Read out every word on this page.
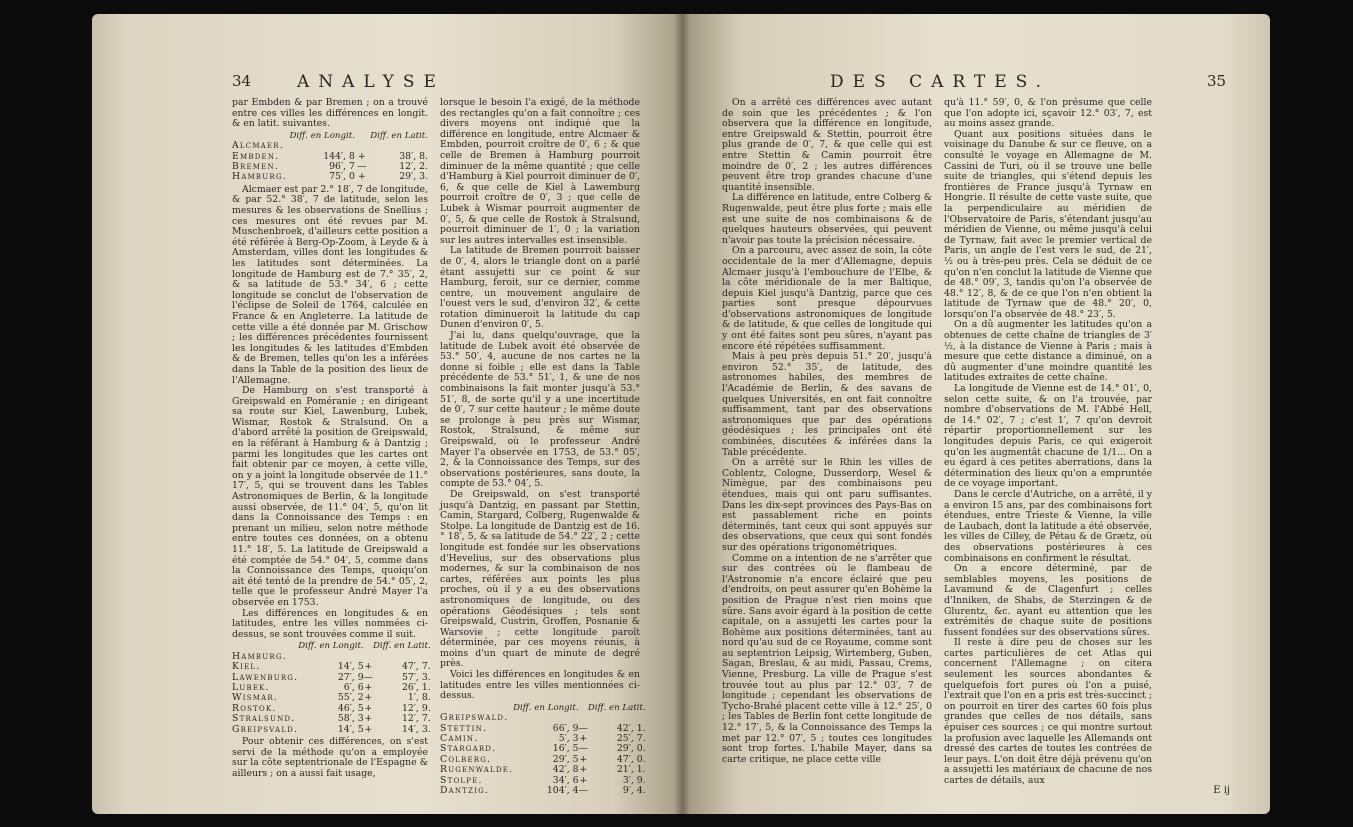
34	ANALYSE

par Embden & par Bremen ; on a trouvé entre ces villes les différences en longit. & en latit. suivantes.

	Diff. en Longit.		Diff. en Latit.
Alcmaer.			
Embden.	144′, 8	+	38′, 8.
Bremen.	96′, 7	—	12′, 2.
Hamburg.	75′, 0	+	29′, 3.

Alcmaer est par 2.° 18′, 7 de longitude, & par 52.° 38′, 7 de latitude, selon les mesures & les observations de Snellius ; ces mesures ont été revues par M. Muschenbroek, d'ailleurs cette position a été référée à Berg-Op-Zoom, à Leyde & à Amsterdam, villes dont les longitudes & les latitudes sont déterminées. La longitude de Hamburg est de 7.° 35′, 2, & sa latitude de 53.° 34′, 6 ; cette longitude se conclut de l'observation de l'éclipse de Soleil de 1764, calculée en France & en Angleterre. La latitude de cette ville a été donnée par M. Grischow ; les différences précédentes fournissent les longitudes & les latitudes d'Embden & de Bremen, telles qu'on les a inférées dans la Table de la position des lieux de l'Allemagne.

De Hamburg on s'est transporté à Greipswald en Poméranie ; en dirigeant sa route sur Kiel, Lawenburg, Lubek, Wismar, Rostok & Stralsund. On a d'abord arrêté la position de Greipswald, en la référant à Hamburg & à Dantzig ; parmi les longitudes que les cartes ont fait obtenir par ce moyen, à cette ville, on y a joint la longitude observée de 11.° 17′, 5, qui se trouvent dans les Tables Astronomiques de Berlin, & la longitude aussi observée, de 11.° 04′, 5, qu'on lit dans la Connoissance des Temps : en prenant un milieu, selon notre méthode entre toutes ces données, on a obtenu 11.° 18′, 5. La latitude de Greipswald a été comptée de 54.° 04′, 5, comme dans la Connoissance des Temps, quoiqu'on ait été tenté de la prendre de 54.° 05′, 2, telle que le professeur André Mayer l'a observée en 1753.

Les différences en longitudes & en latitudes, entre les villes nommées ci-dessus, se sont trouvées comme il suit.

	Diff. en Longit.		Diff. en Latit.
Hamburg.			
Kiel.	14′, 5	+	47′, 7.
Lawenburg.	27′, 9	—	57′, 3.
Lubek.	6′, 6	+	26′, 1.
Wismar.	55′, 2	+	1′, 8.
Rostok.	46′, 5	+	12′, 9.
Stralsund.	58′, 3	+	12′, 7.
Greipsvald.	14′, 5	+	14′, 3.

Pour obtenir ces différences, on s'est servi de la méthode qu'on a employée sur la côte septentrionale de l'Espagne & ailleurs ; on a aussi fait usage,

lorsque le besoin l'a exigé, de la méthode des rectangles qu'on a fait connoître ; ces divers moyens ont indiqué que la différence en longitude, entre Alcmaer & Embden, pourroit croître de 0′, 6 ; & que celle de Bremen à Hamburg pourroit diminuer de la même quantité ; que celle d'Hamburg à Kiel pourroit diminuer de 0′, 6, & que celle de Kiel à Lawemburg pourroit croître de 0′, 3 ; que celle de Lubek à Wismar pourroit augmenter de 0′, 5, & que celle de Rostok à Stralsund, pourroit diminuer de 1′, 0 ; la variation sur les autres intervalles est insensible.

La latitude de Bremen pourroit baisser de 0′, 4, alors le triangle dont on a parlé étant assujetti sur ce point & sur Hamburg, feroit, sur ce dernier, comme centre, un mouvement angulaire de l'ouest vers le sud, d'environ 32′, & cette rotation diminueroit la latitude du cap Dunen d'environ 0′, 5.

J'ai lu, dans quelqu'ouvrage, que la latitude de Lubek avoit été observée de 53.° 50′, 4, aucune de nos cartes ne la donne si foible ; elle est dans la Table précédente de 53.° 51′, 1, & une de nos combinaisons la fait monter jusqu'à 53.° 51′, 8, de sorte qu'il y a une incertitude de 0′, 7 sur cette hauteur ; le même doute se prolonge à peu près sur Wismar, Rostok, Stralsund, & même sur Greipswald, où le professeur André Mayer l'a observée en 1753, de 53.° 05′, 2, & la Connoissance des Temps, sur des observations postérieures, sans doute, la compte de 53.° 04′, 5.

De Greipswald, on s'est transporté jusqu'à Dantzig, en passant par Stettin, Camin, Stargard, Colberg, Rugenwalde & Stolpe. La longitude de Dantzig est de 16.° 18′, 5, & sa latitude de 54.° 22′, 2 ; cette longitude est fondée sur les observations d'Hevelius, sur des observations plus modernes, & sur la combinaison de nos cartes, référées aux points les plus proches, où il y a eu des observations astronomiques de longitude, ou des opérations Géodésiques ; tels sont Greipswald, Custrin, Groffen, Posnanie & Warsovie ; cette longitude paroît déterminée, par ces moyens réunis, à moins d'un quart de minute de degré près.

Voici les différences en longitudes & en latitudes entre les villes mentionnées ci-dessus.

	Diff. en Longit.		Diff. en Latit.
Greipswald.			
Stettin.	66′, 9	—	42′, 1.
Camin.	5′, 3	+	25′, 7.
Stargard.	16′, 5	—	29′, 0.
Colberg.	29′, 5	+	47′, 0.
Rugenwalde.	42′, 8	+	21′, 1.
Stolpe.	34′, 6	+	3′, 9.
Dantzig.	104′, 4	—	9′, 4.
DES CARTES.	35

On a arrêté ces différences avec autant de soin que les précédentes ; & l'on observera que la différence en longitude, entre Greipswald & Stettin, pourroit être plus grande de 0′, 7, & que celle qui est entre Stettin & Camin pourroit être moindre de 0′, 2 ; les autres différences peuvent être trop grandes chacune d'une quantité insensible.

La différence en latitude, entre Colberg & Rugenwalde, peut être plus forte ; mais elle est une suite de nos combinaisons & de quelques hauteurs observées, qui peuvent n'avoir pas toute la précision nécessaire.

On a parcouru, avec assez de soin, la côte occidentale de la mer d'Allemagne, depuis Alcmaer jusqu'à l'embouchure de l'Elbe, & la côte méridionale de la mer Baltique, depuis Kiel jusqu'à Dantzig, parce que ces parties sont presque dépourvues d'observations astronomiques de longitude & de latitude, & que celles de longitude qui y ont été faites sont peu sûres, n'ayant pas encore été répétées suffisamment.

Mais à peu près depuis 51.° 20′, jusqu'à environ 52.° 35′, de latitude, des astronomes habiles, des membres de l'Académie de Berlin, & des savans de quelques Universités, en ont fait connoître suffisamment, tant par des observations astronomiques que par des opérations géodésiques ; les principales ont été combinées, discutées & inférées dans la Table précédente.

On a arrêté sur le Rhin les villes de Coblentz, Cologne, Dusserdorp, Wesel & Nimègue, par des combinaisons peu étendues, mais qui ont paru suffisantes. Dans les dix-sept provinces des Pays-Bas on est passablement riche en points déterminés, tant ceux qui sont appuyés sur des observations, que ceux qui sont fondés sur des opérations trigonométriques.

Comme on a intention de ne s'arrêter que sur des contrées où le flambeau de l'Astronomie n'a encore éclairé que peu d'endroits, on peut assurer qu'en Bohème la position de Prague n'est rien moins que sûre. Sans avoir égard à la position de cette capitale, on a assujetti les cartes pour la Bohème aux positions déterminées, tant au nord qu'au sud de ce Royaume, comme sont au septentrion Leipsig, Wirtemberg, Guben, Sagan, Breslau, & au midi, Passau, Crems, Vienne, Presburg. La ville de Prague s'est trouvée tout au plus par 12.° 03′, 7 de longitude ; cependant les observations de Tycho-Brahé placent cette ville à 12.° 25′, 0 ; les Tables de Berlin font cette longitude de 12.° 17′, 5, & la Connoissance des Temps la met par 12.° 07′, 5 ; toutes ces longitudes sont trop fortes. L'habile Mayer, dans sa carte critique, ne place cette ville

qu'à 11.° 59′, 0, & l'on présume que celle que l'on adopte ici, sçavoir 12.° 03′, 7, est au moins assez grande.

Quant aux positions situées dans le voisinage du Danube & sur ce fleuve, on a consulté le voyage en Allemagne de M. Cassini de Turi, où il se trouve une belle suite de triangles, qui s'étend depuis les frontières de France jusqu'à Tyrnaw en Hongrie. Il résulte de cette vaste suite, que la perpendiculaire au méridien de l'Observatoire de Paris, s'étendant jusqu'au méridien de Vienne, ou même jusqu'à celui de Tyrnaw, fait avec le premier vertical de Paris, un angle de l'est vers le sud, de 21′, ½ ou à très-peu près. Cela se déduit de ce qu'on n'en conclut la latitude de Vienne que de 48.° 09′, 3, tandis qu'on l'a observée de 48.° 12′, 8, & de ce que l'on n'en obtient la latitude de Tyrnaw que de 48.° 20′, 0, lorsqu'on l'a observée de 48.° 23′, 5.

On a dû augmenter les latitudes qu'on a obtenues de cette chaîne de triangles de 3′ ½, à la distance de Vienne à Paris ; mais à mesure que cette distance a diminué, on a dû augmenter d'une moindre quantité les latitudes extraites de cette chaîne.

La longitude de Vienne est de 14.° 01′, 0, selon cette suite, & on l'a trouvée, par nombre d'observations de M. l'Abbé Hell, de 14.° 02′, 7 ; c'est 1′, 7 qu'on devroit répartir proportionnellement sur les longitudes depuis Paris, ce qui exigeroit qu'on les augmentât chacune de 1/1... On a eu égard à ces petites aberrations, dans la détermination des lieux qu'on a empruntée de ce voyage important.

Dans le cercle d'Autriche, on a arrêté, il y a environ 15 ans, par des combinaisons fort étendues, entre Trieste & Vienne, la ville de Laubach, dont la latitude a été observée, les villes de Cilley, de Pétau & de Grætz, où des observations postérieures à ces combinaisons en confirment le résultat.

On a encore déterminé, par de semblables moyens, les positions de Lavamund & de Clagenfurt ; celles d'Inniken, de Shabs, de Sterzingen & de Glurentz, &c. ayant eu attention que les extrémités de chaque suite de positions fussent fondées sur des observations sûres.

Il reste à dire peu de choses sur les cartes particulières de cet Atlas qui concernent l'Allemagne ; on citera seulement les sources abondantes & quelquefois fort pures où l'on a puisé, l'extrait que l'on en a pris est très-succinct ; on pourroit en tirer des cartes 60 fois plus grandes que celles de nos détails, sans épuiser ces sources ; ce qui montre surtout la profusion avec laquelle les Allemands ont dressé des cartes de toutes les contrées de leur pays. L'on doit être déjà prévenu qu'on a assujetti les matériaux de chacune de nos cartes de détails, aux

E ij
